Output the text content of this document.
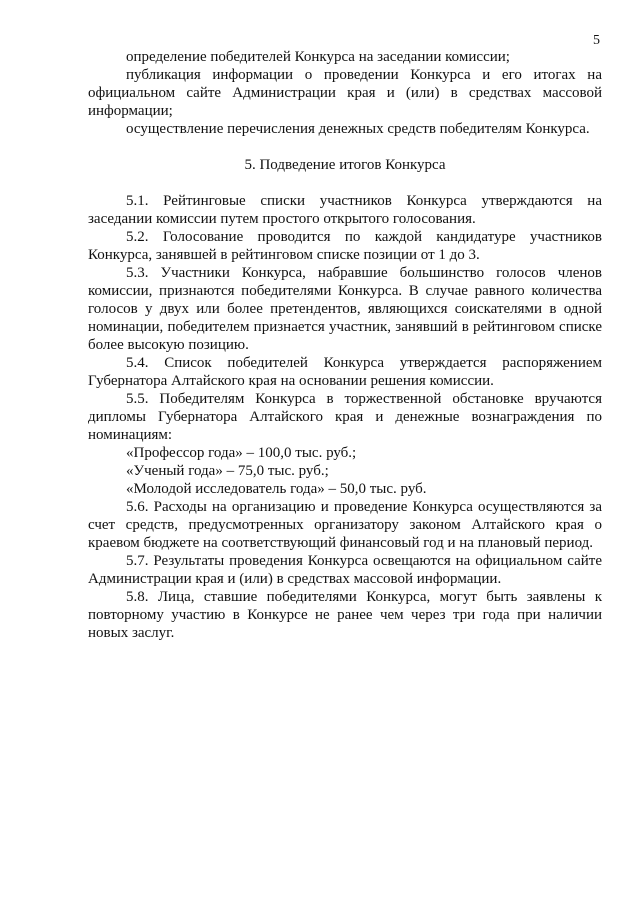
5

определение победителей Конкурса на заседании комиссии;

публикация информации о проведении Конкурса и его итогах на официальном сайте Администрации края и (или) в средствах массовой информации;

осуществление перечисления денежных средств победителям Конкурса.

5. Подведение итогов Конкурса

5.1. Рейтинговые списки участников Конкурса утверждаются на заседании комиссии путем простого открытого голосования.

5.2. Голосование проводится по каждой кандидатуре участников Конкурса, занявшей в рейтинговом списке позиции от 1 до 3.

5.3. Участники Конкурса, набравшие большинство голосов членов комиссии, признаются победителями Конкурса. В случае равного количества голосов у двух или более претендентов, являющихся соискателями в одной номинации, победителем признается участник, занявший в рейтинговом списке более высокую позицию.

5.4. Список победителей Конкурса утверждается распоряжением Губернатора Алтайского края на основании решения комиссии.

5.5. Победителям Конкурса в торжественной обстановке вручаются дипломы Губернатора Алтайского края и денежные вознаграждения по номинациям:

«Профессор года» – 100,0 тыс. руб.;

«Ученый года» – 75,0 тыс. руб.;

«Молодой исследователь года» – 50,0 тыс. руб.

5.6. Расходы на организацию и проведение Конкурса осуществляются за счет средств, предусмотренных организатору законом Алтайского края о краевом бюджете на соответствующий финансовый год и на плановый период.

5.7. Результаты проведения Конкурса освещаются на официальном сайте Администрации края и (или) в средствах массовой информации.

5.8. Лица, ставшие победителями Конкурса, могут быть заявлены к повторному участию в Конкурсе не ранее чем через три года при наличии новых заслуг.
